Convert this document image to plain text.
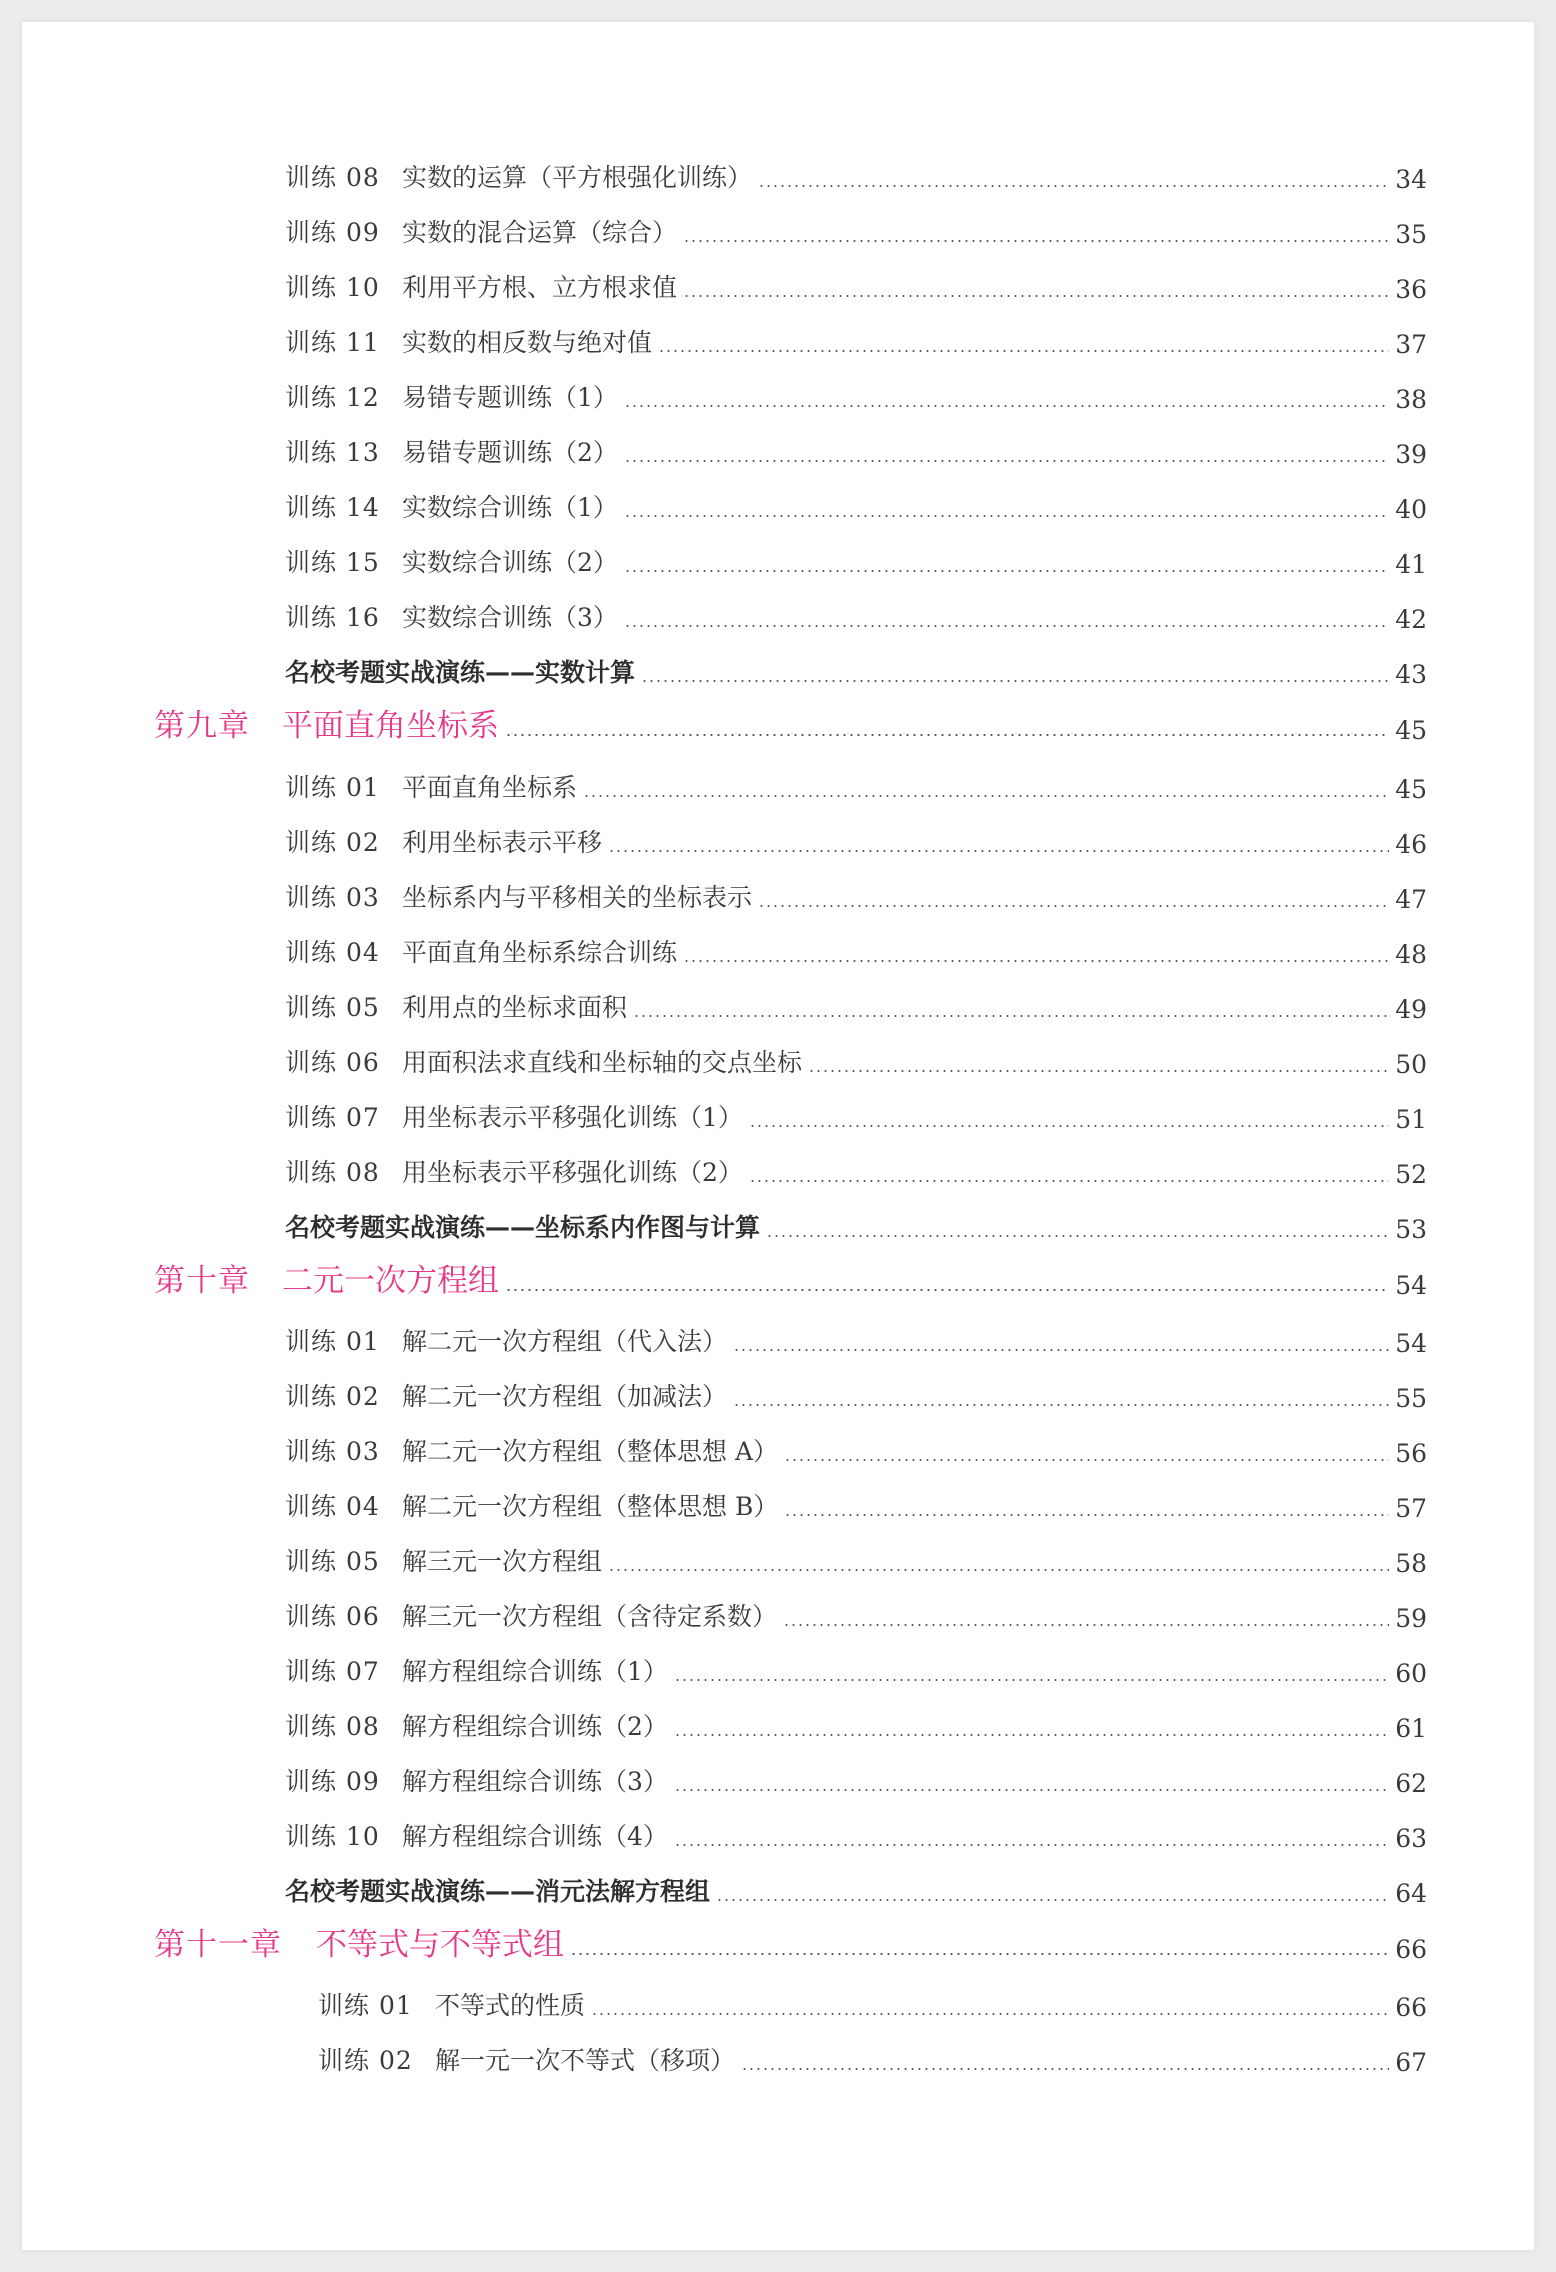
训练 08 实数的运算（平方根强化训练）	34
训练 09 实数的混合运算（综合）	35
训练 10 利用平方根、立方根求值	36
训练 11 实数的相反数与绝对值	37
训练 12 易错专题训练（1）	38
训练 13 易错专题训练（2）	39
训练 14 实数综合训练（1）	40
训练 15 实数综合训练（2）	41
训练 16 实数综合训练（3）	42
名校考题实战演练——实数计算	43
第九章	平面直角坐标系	45
训练 01 平面直角坐标系	45
训练 02 利用坐标表示平移	46
训练 03 坐标系内与平移相关的坐标表示	47
训练 04 平面直角坐标系综合训练	48
训练 05 利用点的坐标求面积	49
训练 06 用面积法求直线和坐标轴的交点坐标	50
训练 07 用坐标表示平移强化训练（1）	51
训练 08 用坐标表示平移强化训练（2）	52
名校考题实战演练——坐标系内作图与计算	53
第十章	二元一次方程组	54
训练 01 解二元一次方程组（代入法）	54
训练 02 解二元一次方程组（加减法）	55
训练 03 解二元一次方程组（整体思想 A）	56
训练 04 解二元一次方程组（整体思想 B）	57
训练 05 解三元一次方程组	58
训练 06 解三元一次方程组（含待定系数）	59
训练 07 解方程组综合训练（1）	60
训练 08 解方程组综合训练（2）	61
训练 09 解方程组综合训练（3）	62
训练 10 解方程组综合训练（4）	63
名校考题实战演练——消元法解方程组	64
第十一章	不等式与不等式组	66
训练 01 不等式的性质	66
训练 02 解一元一次不等式（移项）	67
